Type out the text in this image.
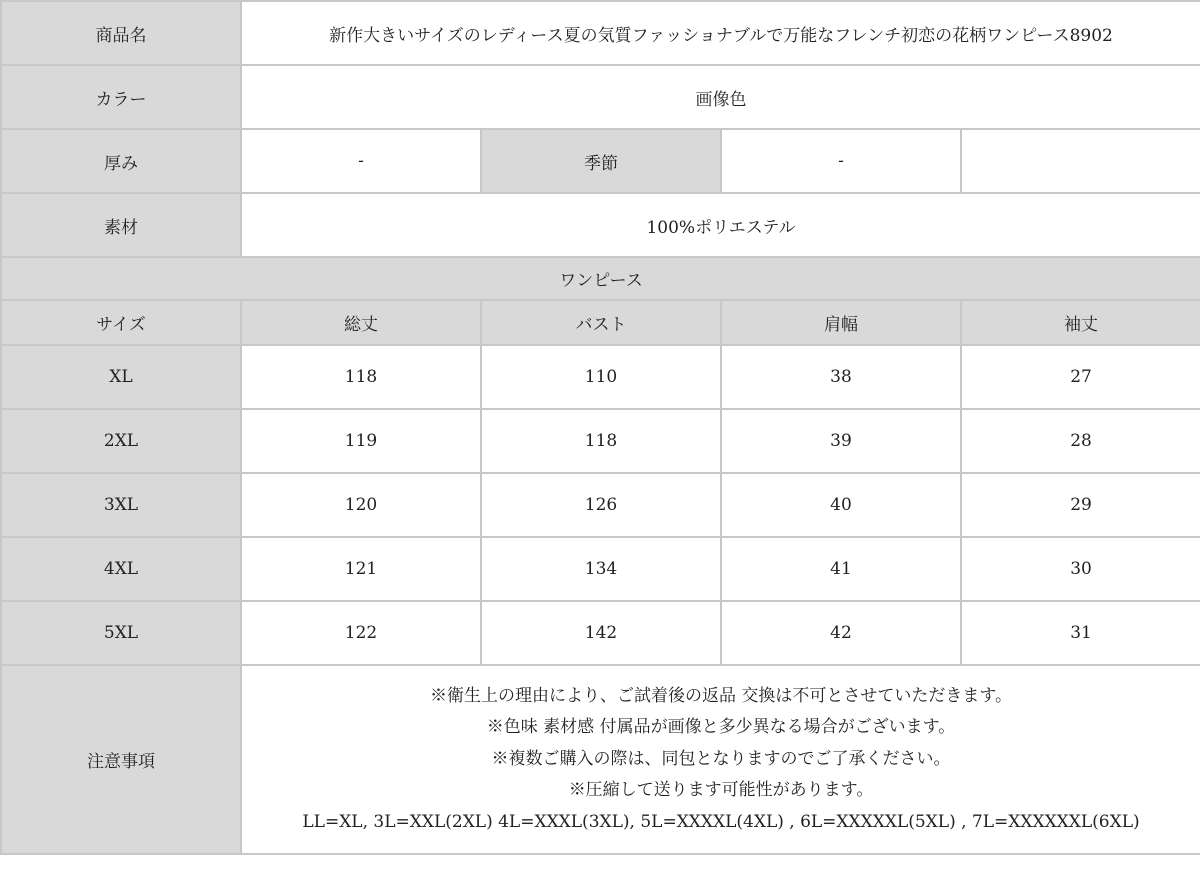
商品名	新作大きいサイズのレディース夏の気質ファッショナブルで万能なフレンチ初恋の花柄ワンピース8902			
カラー	画像色			
厚み	-	季節	-	
素材	100%ポリエステル			
ワンピース				
サイズ	総丈	バスト	肩幅	袖丈
XL	118	110	38	27
2XL	119	118	39	28
3XL	120	126	40	29
4XL	121	134	41	30
5XL	122	142	42	31
注意事項	※衛生上の理由により、ご試着後の返品 交換は不可とさせていただきます。
※色味 素材感 付属品が画像と多少異なる場合がございます。
※複数ご購入の際は、同包となりますのでご了承ください。
※圧縮して送ります可能性があります。
LL=XL, 3L=XXL(2XL) 4L=XXXL(3XL), 5L=XXXXL(4XL) , 6L=XXXXXL(5XL) , 7L=XXXXXXL(6XL)			
